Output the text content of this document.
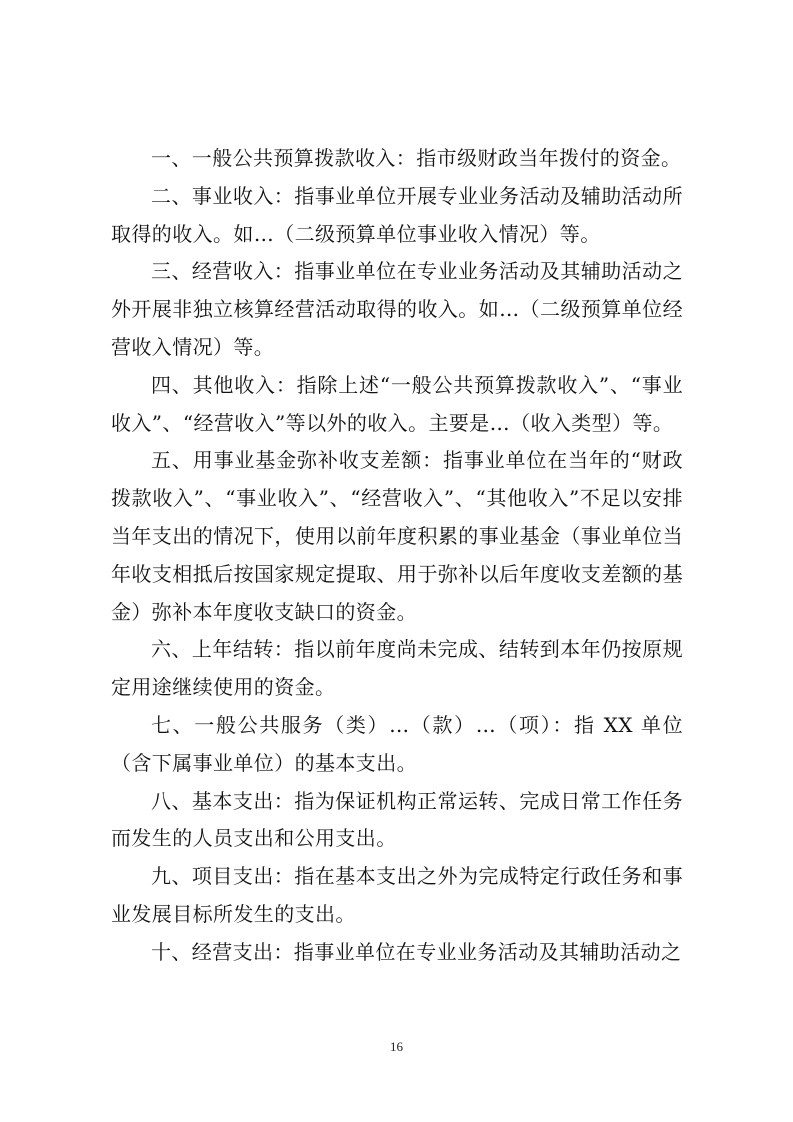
一、一般公共预算拨款收入：指市级财政当年拨付的资金。

二、事业收入：指事业单位开展专业业务活动及辅助活动所取得的收入。如…（二级预算单位事业收入情况）等。

三、经营收入：指事业单位在专业业务活动及其辅助活动之外开展非独立核算经营活动取得的收入。如…（二级预算单位经营收入情况）等。

四、其他收入：指除上述“一般公共预算拨款收入”、“事业收入”、“经营收入”等以外的收入。主要是…（收入类型）等。

五、用事业基金弥补收支差额：指事业单位在当年的“财政拨款收入”、“事业收入”、“经营收入”、“其他收入”不足以安排当年支出的情况下，使用以前年度积累的事业基金（事业单位当年收支相抵后按国家规定提取、用于弥补以后年度收支差额的基金）弥补本年度收支缺口的资金。

六、上年结转：指以前年度尚未完成、结转到本年仍按原规定用途继续使用的资金。

七、一般公共服务（类）…（款）…（项）：指 XX 单位（含下属事业单位）的基本支出。

八、基本支出：指为保证机构正常运转、完成日常工作任务而发生的人员支出和公用支出。

九、项目支出：指在基本支出之外为完成特定行政任务和事业发展目标所发生的支出。

十、经营支出：指事业单位在专业业务活动及其辅助活动之

16
